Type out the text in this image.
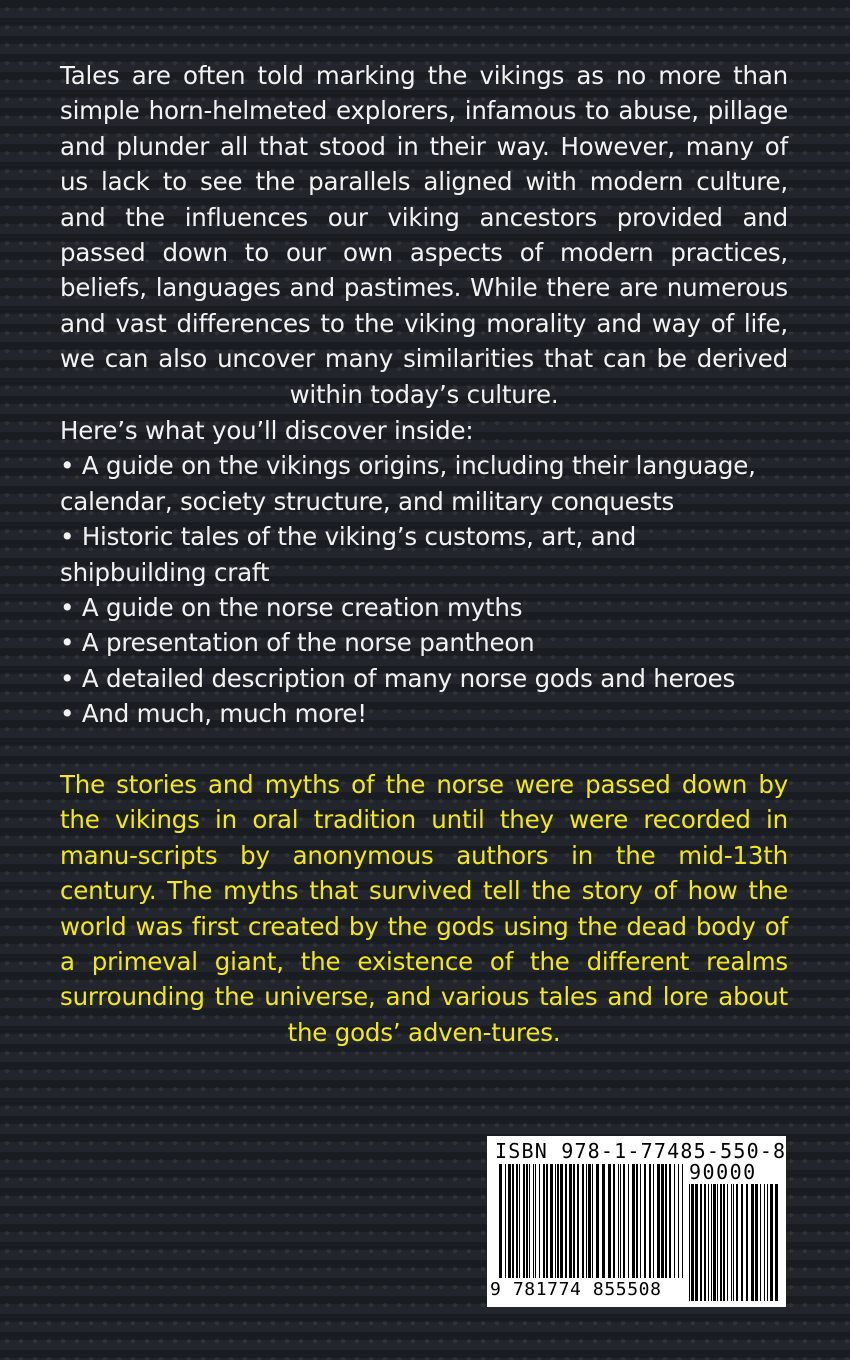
Tales are often told marking the vikings as no more than simple horn-helmeted explorers, infamous to abuse, pillage and plunder all that stood in their way. However, many of us lack to see the parallels aligned with modern culture, and the influences our viking ancestors provided and passed down to our own aspects of modern practices, beliefs, languages and pastimes. While there are numerous and vast differences to the viking morality and way of life, we can also uncover many similarities that can be derived within today’s culture.

Here’s what you’ll discover inside:
• A guide on the vikings origins, including their language, calendar, society structure, and military conquests
• Historic tales of the viking’s customs, art, and shipbuilding craft
• A guide on the norse creation myths
• A presentation of the norse pantheon
• A detailed description of many norse gods and heroes
• And much, much more!

The stories and myths of the norse were passed down by the vikings in oral tradition until they were recorded in manu-scripts by anonymous authors in the mid-13th century. The myths that survived tell the story of how the world was first created by the gods using the dead body of a primeval giant, the existence of the different realms surrounding the universe, and various tales and lore about the gods’ adven-tures.

ISBN 978-1-77485-550-8
90000
9 781774 855508
